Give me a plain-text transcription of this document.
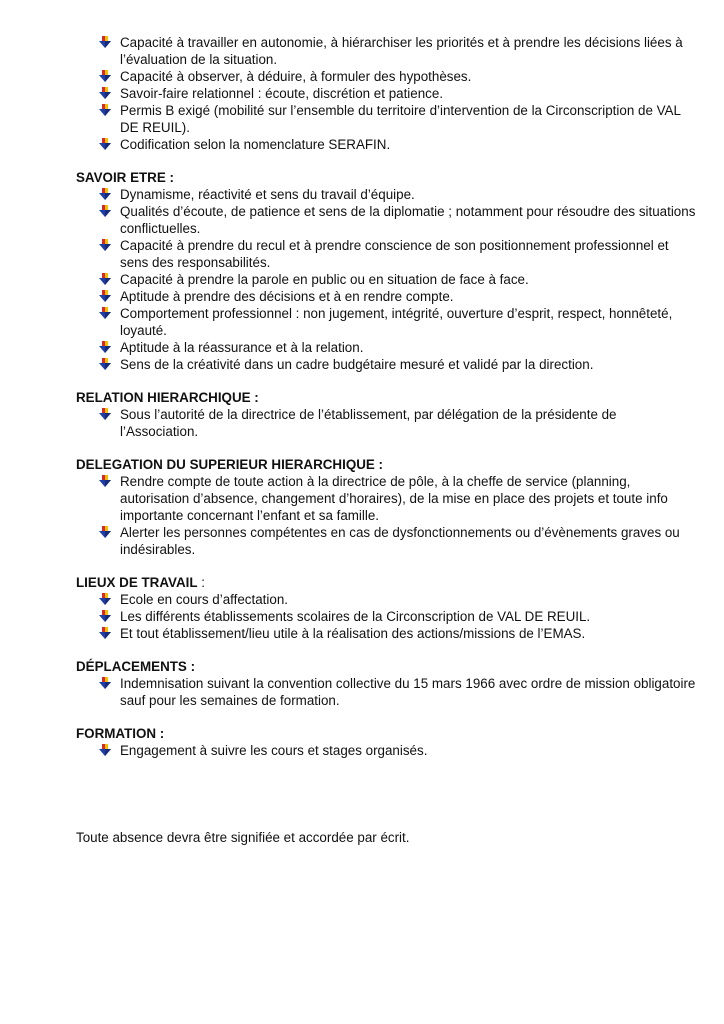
Capacité à travailler en autonomie, à hiérarchiser les priorités et à prendre les décisions liées à l’évaluation de la situation.
Capacité à observer, à déduire, à formuler des hypothèses.
Savoir-faire relationnel : écoute, discrétion et patience.
Permis B exigé (mobilité sur l’ensemble du territoire d’intervention de la Circonscription de VAL DE REUIL).
Codification selon la nomenclature SERAFIN.
SAVOIR ETRE :
Dynamisme, réactivité et sens du travail d’équipe.
Qualités d’écoute, de patience et sens de la diplomatie ; notamment pour résoudre des situations conflictuelles.
Capacité à prendre du recul et à prendre conscience de son positionnement professionnel et sens des responsabilités.
Capacité à prendre la parole en public ou en situation de face à face.
Aptitude à prendre des décisions et à en rendre compte.
Comportement professionnel : non jugement, intégrité, ouverture d’esprit, respect, honnêteté, loyauté.
Aptitude à la réassurance et à la relation.
Sens de la créativité dans un cadre budgétaire mesuré et validé par la direction.
RELATION HIERARCHIQUE :
Sous l’autorité de la directrice de l’établissement, par délégation de la présidente de l’Association.
DELEGATION DU SUPERIEUR HIERARCHIQUE :
Rendre compte de toute action à la directrice de pôle, à la cheffe de service (planning, autorisation d’absence, changement d’horaires), de la mise en place des projets et toute info importante concernant l’enfant et sa famille.
Alerter les personnes compétentes en cas de dysfonctionnements ou d’évènements graves ou indésirables.
LIEUX DE TRAVAIL :
Ecole en cours d’affectation.
Les différents établissements scolaires de la Circonscription de VAL DE REUIL.
Et tout établissement/lieu utile à la réalisation des actions/missions de l’EMAS.
DÉPLACEMENTS :
Indemnisation suivant la convention collective du 15 mars 1966 avec ordre de mission obligatoire sauf pour les semaines de formation.
FORMATION :
Engagement à suivre les cours et stages organisés.
Toute absence devra être signifiée et accordée par écrit.
